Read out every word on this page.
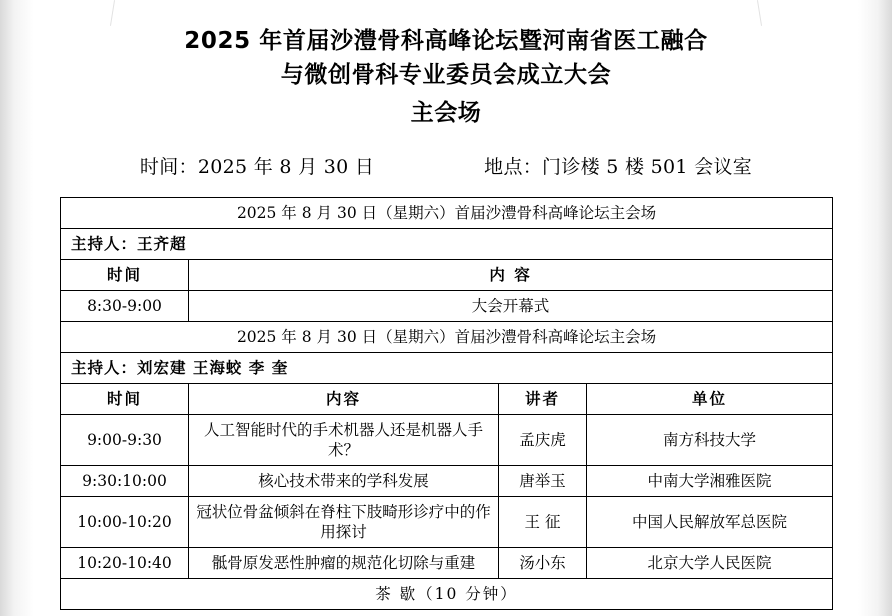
2025 年首届沙澧骨科高峰论坛暨河南省医工融合
与微创骨科专业委员会成立大会
主会场
时间：2025 年 8 月 30 日	地点：门诊楼 5 楼 501 会议室
2025 年 8 月 30 日（星期六）首届沙澧骨科高峰论坛主会场			
主持人：王齐超			
时间	内 容		
8:30-9:00	大会开幕式		
2025 年 8 月 30 日（星期六）首届沙澧骨科高峰论坛主会场			
主持人：刘宏建 王海蛟 李 奎			
时间	内容	讲者	单位
9:00-9:30	人工智能时代的手术机器人还是机器人手术？	孟庆虎	南方科技大学
9:30:10:00	核心技术带来的学科发展	唐举玉	中南大学湘雅医院
10:00-10:20	冠状位骨盆倾斜在脊柱下肢畸形诊疗中的作用探讨	王 征	中国人民解放军总医院
10:20-10:40	骶骨原发恶性肿瘤的规范化切除与重建	汤小东	北京大学人民医院
茶 歇（10 分钟）			
